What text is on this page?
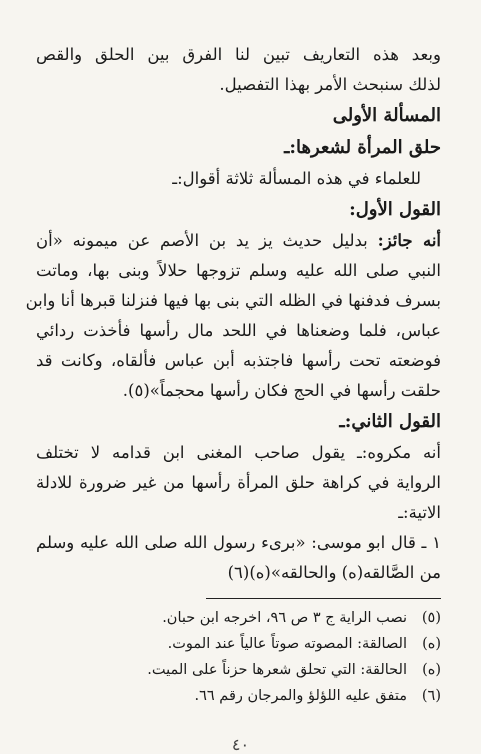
وبعد هذه التعاريف تبين لنا الفرق بين الحلق والقص
لذلك سنبحث الأمر بهذا التفصيل.
المسألة الأولى
حلق المرأة لشعرها:ـ
للعلماء في هذه المسألة ثلاثة أقوال:ـ
القول الأول:
أنه جائز: بدليل حديث يز يد بن الأصم عن ميمونه «أن
النبي صلى الله عليه وسلم تزوجها حلالاً وبنى بها، وماتت
بسرف فدفنها في الظله التي بنى بها فيها فنزلنا قبرها أنا وابن
عباس، فلما وضعناها في اللحد مال رأسها فأخذت ردائي
فوضعته تحت رأسها فاجتذبه أبن عباس فألقاه، وكانت قد
حلقت رأسها في الحج فكان رأسها محجماً»(٥).
القول الثاني:ـ
أنه مكروه:ـ يقول صاحب المغنى ابن قدامه لا تختلف
الرواية في كراهة حلق المرأة رأسها من غير ضرورة للادلة
الاتية:ـ
١ ـ قال ابو موسى: «برىء رسول الله صلى الله عليه وسلم
من الصَّالقه(ه) والحالقه»(ه)(٦)
(٥)
نصب الراية ج ٣ ص ٩٦، اخرجه ابن حبان.
(ه)
الصالقة: المصوته صوتاً عالياً عند الموت.
(ه)
الحالقة: التي تحلق شعرها حزناً على الميت.
(٦)
متفق عليه اللؤلؤ والمرجان رقم ٦٦.
٤٠
